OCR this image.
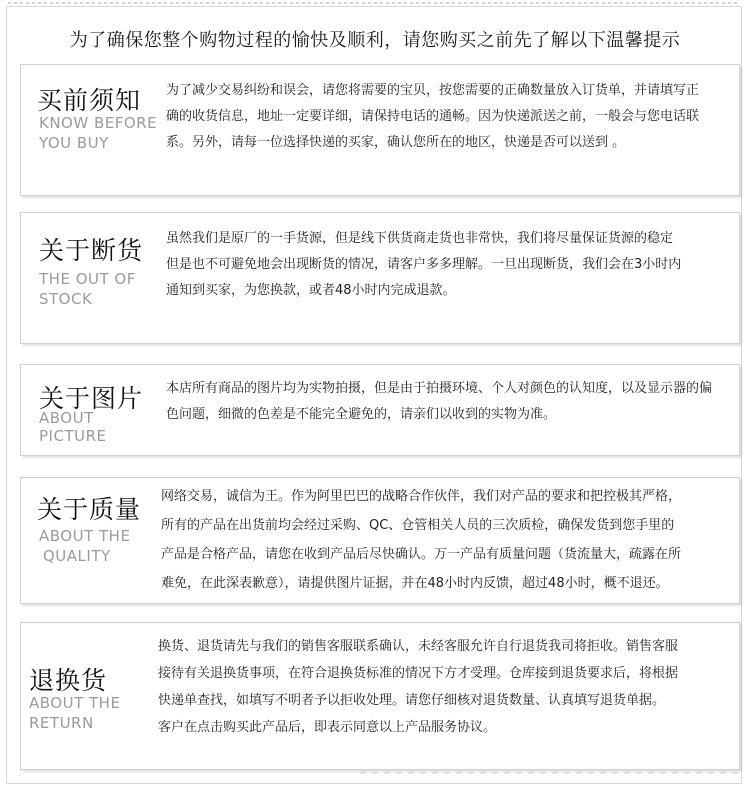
为了确保您整个购物过程的愉快及顺利，请您购买之前先了解以下温馨提示
买前须知
KNOW BEFORE
YOU BUY
为了减少交易纠纷和误会，请您将需要的宝贝，按您需要的正确数量放入订货单，并请填写正
确的收货信息，地址一定要详细，请保持电话的通畅。因为快递派送之前，一般会与您电话联
系。另外，请每一位选择快递的买家，确认您所在的地区，快递是否可以送到 。
关于断货
THE OUT OF
STOCK
虽然我们是原厂的一手货源，但是线下供货商走货也非常快，我们将尽量保证货源的稳定
但是也不可避免地会出现断货的情况，请客户多多理解。一旦出现断货，我们会在3小时内
通知到买家，为您换款，或者48小时内完成退款。
关于图片
ABOUT
PICTURE
本店所有商品的图片均为实物拍摄，但是由于拍摄环境、个人对颜色的认知度，以及显示器的偏
色问题，细微的色差是不能完全避免的，请亲们以收到的实物为准。
关于质量
ABOUT THE
QUALITY
网络交易，诚信为王。作为阿里巴巴的战略合作伙伴，我们对产品的要求和把控极其严格，
所有的产品在出货前均会经过采购、QC、仓管相关人员的三次质检，确保发货到您手里的
产品是合格产品，请您在收到产品后尽快确认。万一产品有质量问题（货流量大，疏露在所
难免，在此深表歉意），请提供图片证据，并在48小时内反馈，超过48小时，概不退还。
退换货
ABOUT THE
RETURN
换货、退货请先与我们的销售客服联系确认，未经客服允许自行退货我司将拒收。销售客服
接待有关退换货事项，在符合退换货标准的情况下方才受理。仓库接到退货要求后，将根据
快递单查找，如填写不明者予以拒收处理。请您仔细核对退货数量、认真填写退货单据。
客户在点击购买此产品后，即表示同意以上产品服务协议。
